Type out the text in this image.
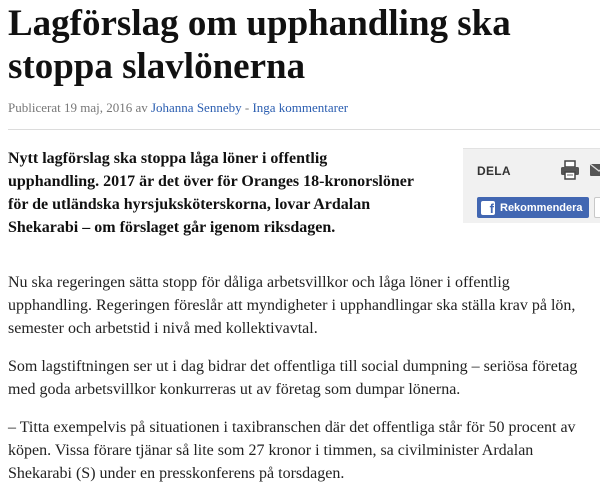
Lagförslag om upphandling ska
stoppa slavlönerna
Publicerat 19 maj, 2016 av Johanna Senneby - Inga kommentarer

Nytt lagförslag ska stoppa låga löner i offentlig upphandling. 2017 är det över för Oranges 18-kronorslöner för de utländska hyrsjuksköterskorna, lovar Ardalan Shekarabi – om förslaget går igenom riksdagen.

Nu ska regeringen sätta stopp för dåliga arbetsvillkor och låga löner i offentlig upphandling. Regeringen föreslår att myndigheter i upphandlingar ska ställa krav på lön, semester och arbetstid i nivå med kollektivavtal.

Som lagstiftningen ser ut i dag bidrar det offentliga till social dumpning – seriösa företag med goda arbetsvillkor konkurreras ut av företag som dumpar lönerna.

– Titta exempelvis på situationen i taxibranschen där det offentliga står för 50 procent av köpen. Vissa förare tjänar så lite som 27 kronor i timmen, sa civilminister Ardalan Shekarabi (S) under en presskonferens på torsdagen.

DELA
f Rekommendera
